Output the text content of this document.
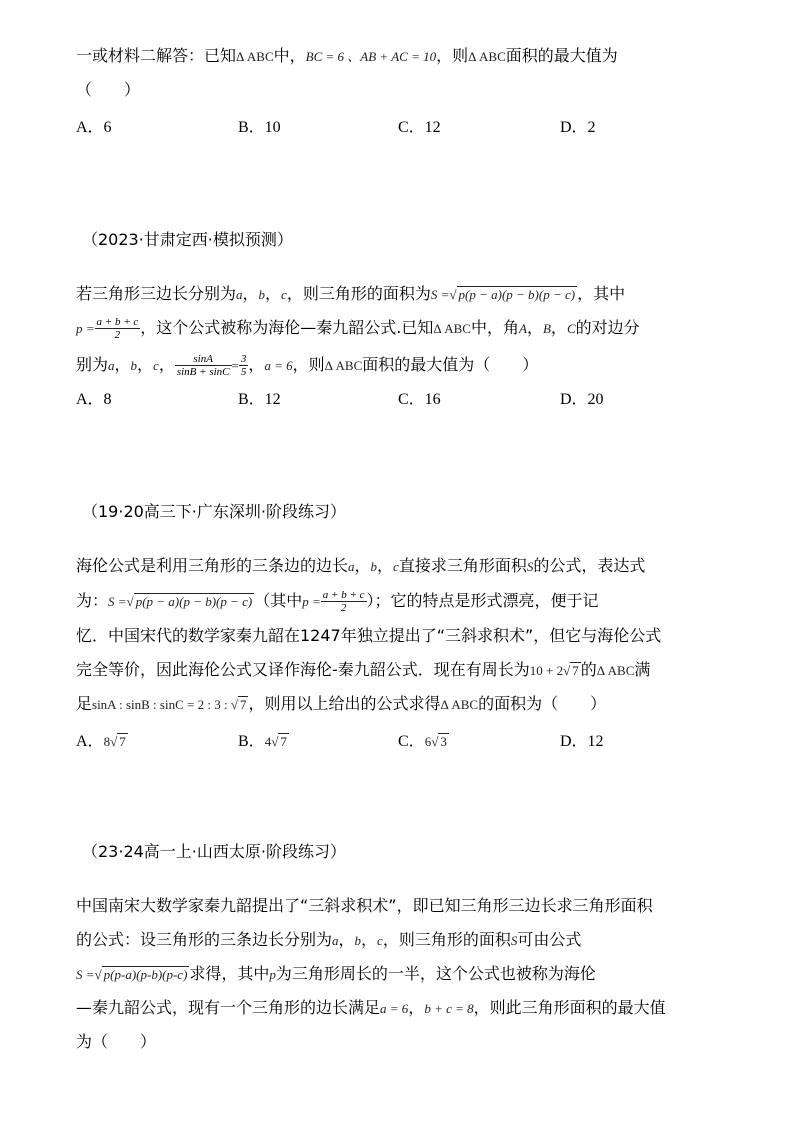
一或材料二解答：已知Δ ABC中，BC = 6 、AB + AC = 10，则Δ ABC面积的最大值为
（　　）
A．6	B．10	C．12	D．2
（2023·甘肃定西·模拟预测）
若三角形三边长分别为a，b，c，则三角形的面积为S =√ p(p − a)(p − b)(p − c) ，其中
$p = \frac{a + b + c}{2}$ ，这个公式被称为海伦—秦九韶公式.已知Δ ABC中，角A，B，C的对边分
别为a，b，c， $\frac{\sin A}{\sin B + \sin C} = \frac{3}{5}$ ，a = 6，则Δ ABC面积的最大值为（　　）
A．8	B．12	C．16	D．20
（19·20高三下·广东深圳·阶段练习）
海伦公式是利用三角形的三条边的边长a，b，c直接求三角形面积S的公式，表达式
为：S =√ p(p − a)(p − b)(p − c) （其中$p = \frac{a + b + c}{2}$ ）；它的特点是形式漂亮，便于记
忆．中国宋代的数学家秦九韶在1247年独立提出了“三斜求积术”，但它与海伦公式
完全等价，因此海伦公式又译作海伦-秦九韶公式．现在有周长为10 + 2√ 7 的Δ ABC满
足sinA : sinB : sinC = 2 : 3 : √ 7 ，则用以上给出的公式求得Δ ABC的面积为（　　）
A．8√ 7	B．4√ 7	C．6√ 3	D．12
（23·24高一上·山西太原·阶段练习）
中国南宋大数学家秦九韶提出了“三斜求积术”，即已知三角形三边长求三角形面积
的公式：设三角形的三条边长分别为a，b，c，则三角形的面积S可由公式
S =√ p(p-a)(p-b)(p-c) 求得，其中p为三角形周长的一半，这个公式也被称为海伦
—秦九韶公式，现有一个三角形的边长满足a = 6，b + c = 8，则此三角形面积的最大值
为（　　）
